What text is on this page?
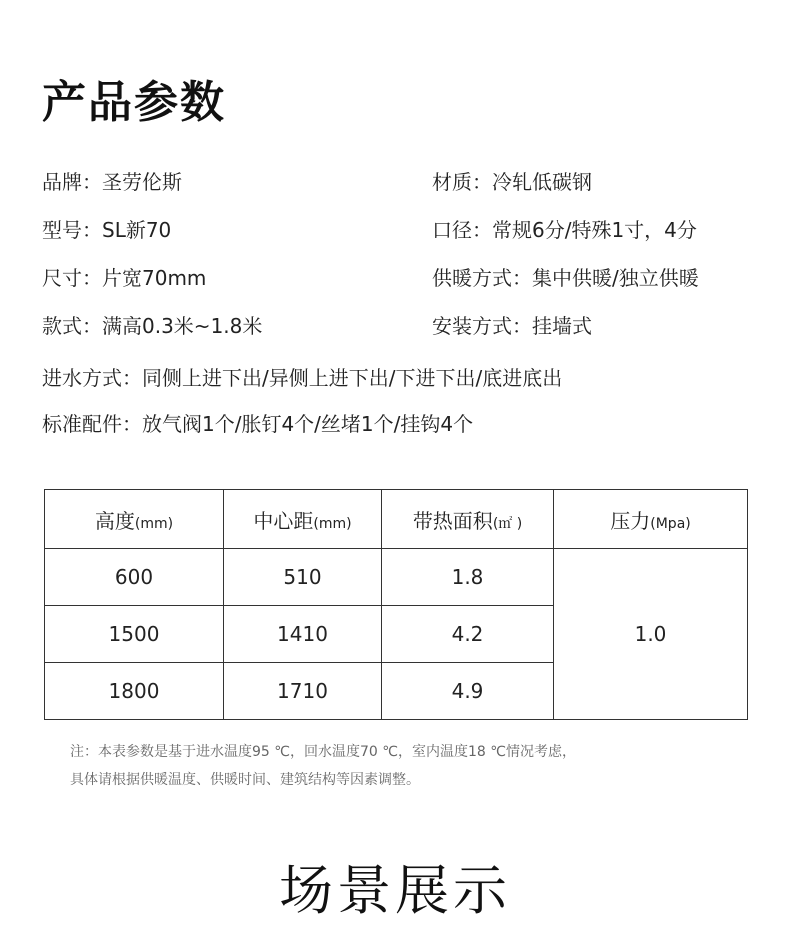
产品参数
品牌：圣劳伦斯	材质：冷轧低碳钢
型号：SL新70	口径：常规6分/特殊1寸，4分
尺寸：片宽70mm	供暖方式：集中供暖/独立供暖
款式：满高0.3米~1.8米	安装方式：挂墙式
进水方式：同侧上进下出/异侧上进下出/下进下出/底进底出
标准配件：放气阀1个/胀钉4个/丝堵1个/挂钩4个
高度(mm)	中心距(mm)	带热面积(㎡ )	压力(Mpa)
600	510	1.8	1.0
1500	1410	4.2	
1800	1710	4.9	
注：本表参数是基于进水温度95 ℃，回水温度70 ℃，室内温度18 ℃情况考虑，
具体请根据供暖温度、供暖时间、建筑结构等因素调整。
场景展示
